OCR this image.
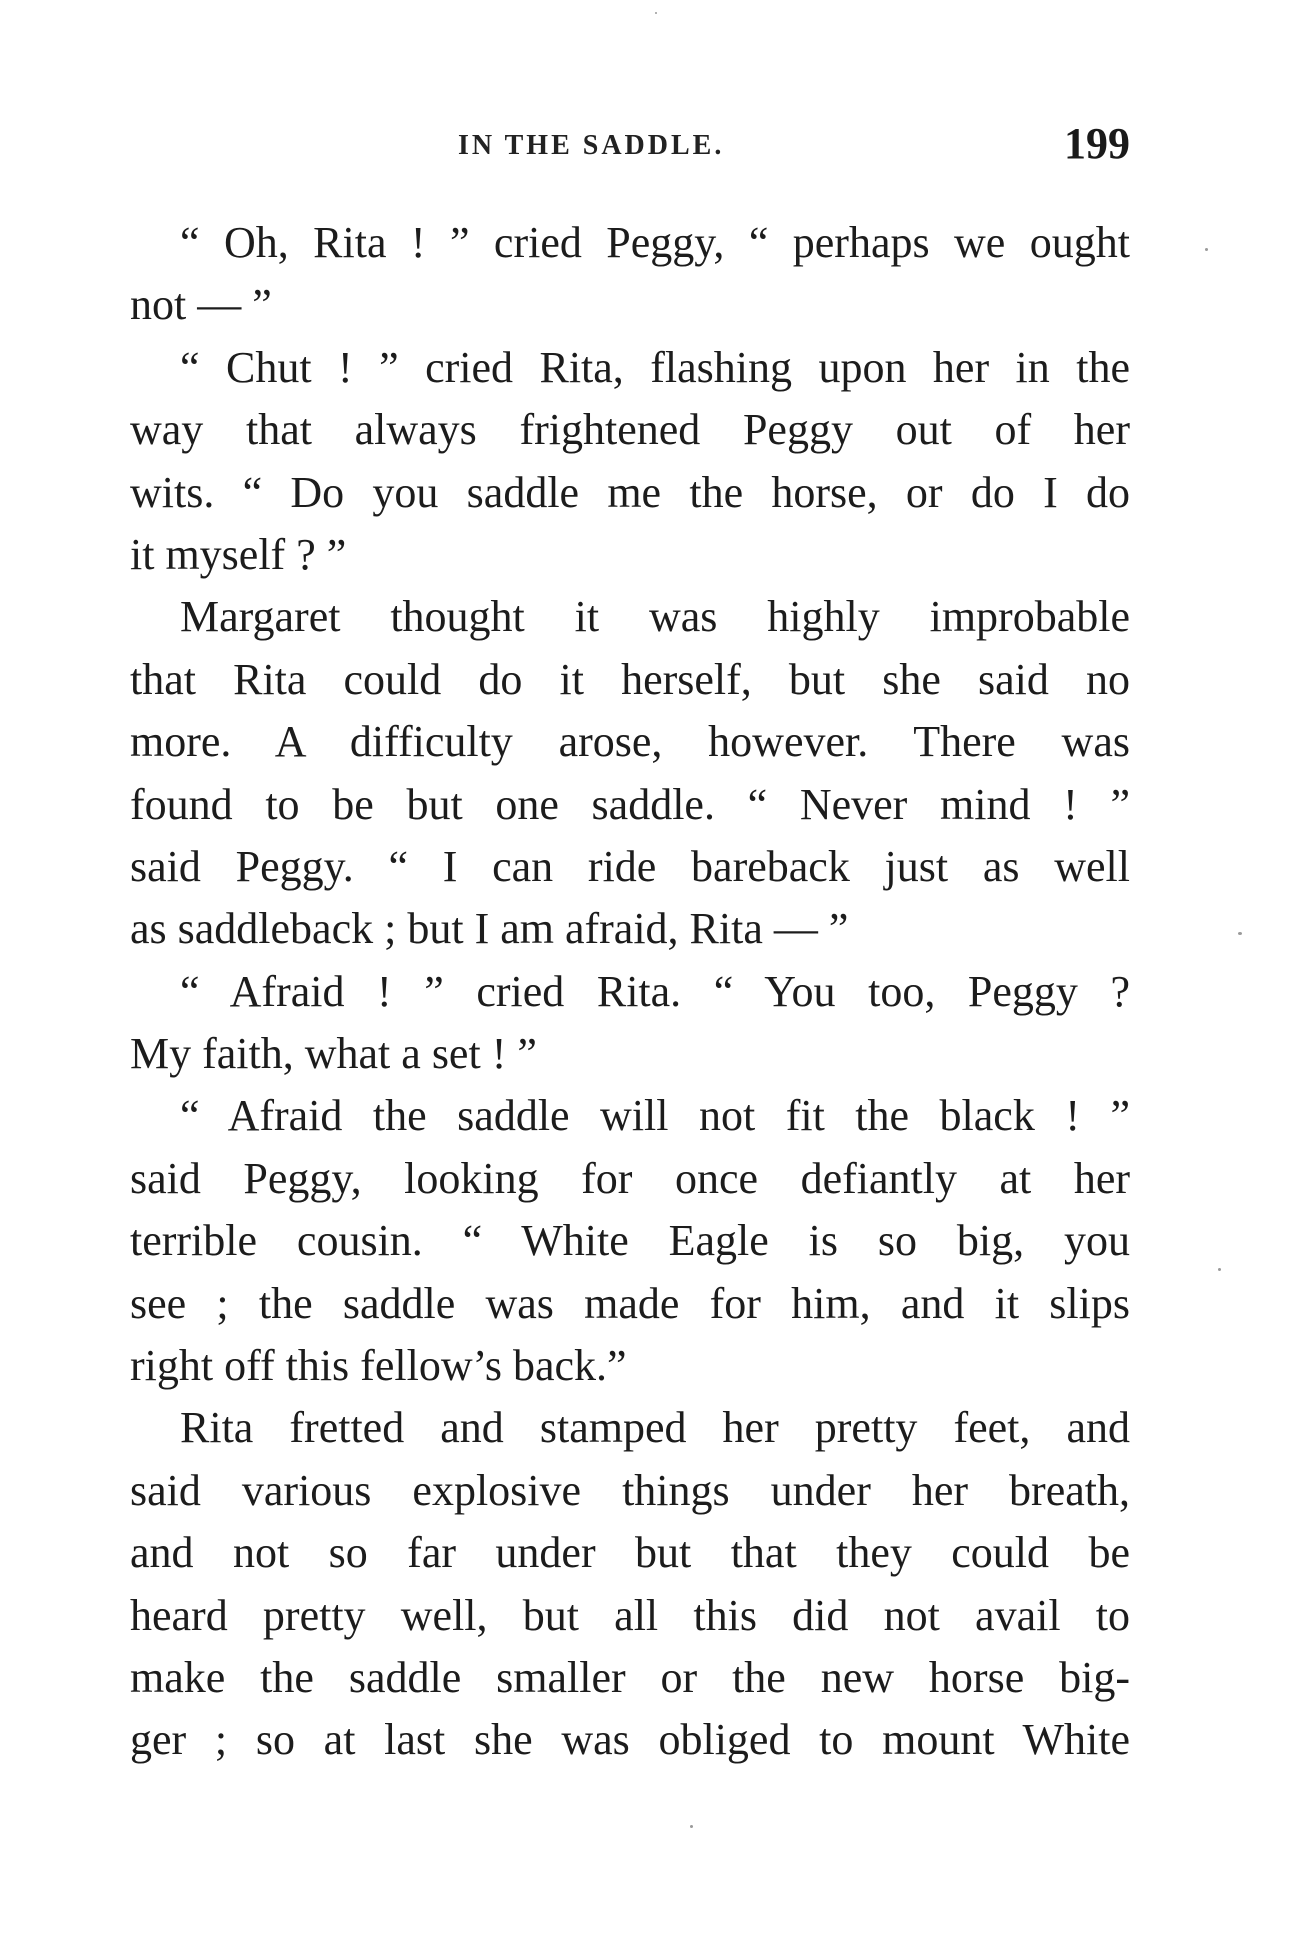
IN THE SADDLE.	199
“ Oh, Rita ! ” cried Peggy, “ perhaps we ought
not — ”
“ Chut ! ” cried Rita, flashing upon her in the
way that always frightened Peggy out of her
wits. “ Do you saddle me the horse, or do I do
it myself ? ”
Margaret thought it was highly improbable
that Rita could do it herself, but she said no
more. A difficulty arose, however. There was
found to be but one saddle. “ Never mind ! ”
said Peggy. “ I can ride bareback just as well
as saddleback ; but I am afraid, Rita — ”
“ Afraid ! ” cried Rita. “ You too, Peggy ?
My faith, what a set ! ”
“ Afraid the saddle will not fit the black ! ”
said Peggy, looking for once defiantly at her
terrible cousin. “ White Eagle is so big, you
see ; the saddle was made for him, and it slips
right off this fellow’s back.”
Rita fretted and stamped her pretty feet, and
said various explosive things under her breath,
and not so far under but that they could be
heard pretty well, but all this did not avail to
make the saddle smaller or the new horse big-
ger ; so at last she was obliged to mount White
